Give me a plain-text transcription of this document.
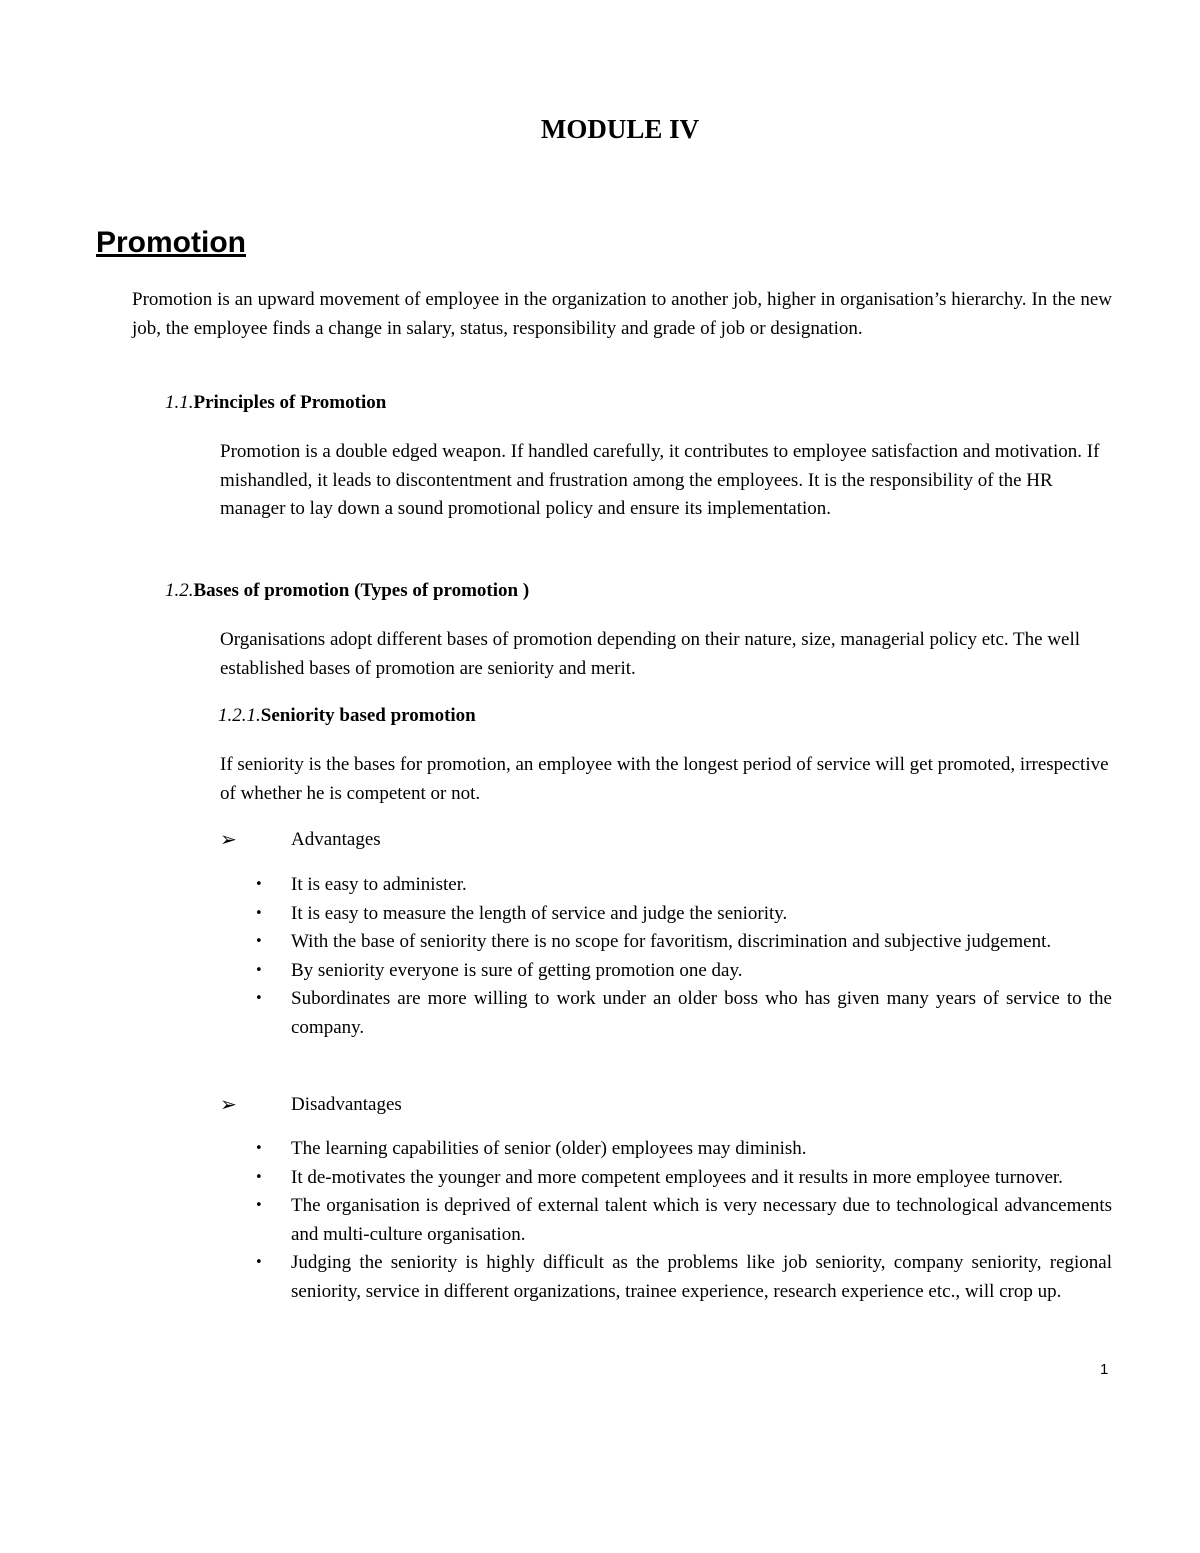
MODULE IV
Promotion
Promotion is an upward movement of employee in the organization to another job, higher in organisation’s hierarchy. In the new job, the employee finds a change in salary, status, responsibility and grade of job or designation.
1.1.Principles of Promotion
Promotion is a double edged weapon. If handled carefully, it contributes to employee satisfaction and motivation. If mishandled, it leads to discontentment and frustration among the employees. It is the responsibility of the HR manager to lay down a sound promotional policy and ensure its implementation.
1.2.Bases of promotion (Types of promotion )
Organisations adopt different bases of promotion depending on their nature, size, managerial policy etc. The well established bases of promotion are seniority and merit.
1.2.1.Seniority based promotion
If seniority is the bases for promotion, an employee with the longest period of service will get promoted, irrespective of whether he is competent or not.
➢	Advantages
• It is easy to administer.
• It is easy to measure the length of service and judge the seniority.
• With the base of seniority there is no scope for favoritism, discrimination and subjective judgement.
• By seniority everyone is sure of getting promotion one day.
• Subordinates are more willing to work under an older boss who has given many years of service to the company.
➢	Disadvantages
• The learning capabilities of senior (older) employees may diminish.
• It de-motivates the younger and more competent employees and it results in more employee turnover.
• The organisation is deprived of external talent which is very necessary due to technological advancements and multi-culture organisation.
• Judging the seniority is highly difficult as the problems like job seniority, company seniority, regional seniority, service in different organizations, trainee experience, research experience etc., will crop up.
1
